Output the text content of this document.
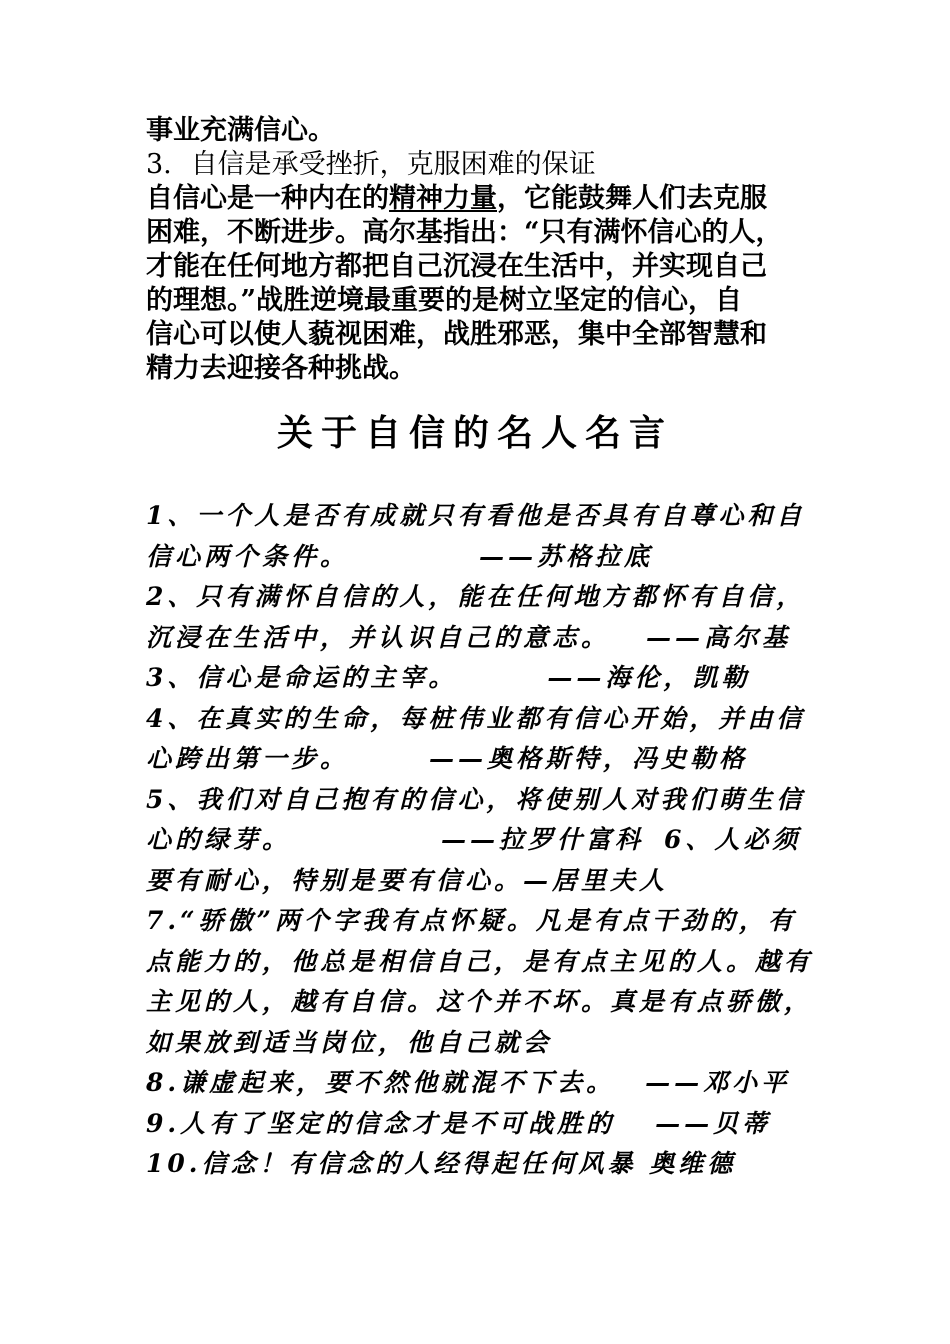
事业充满信心。

3. 自信是承受挫折，克服困难的保证

自信心是一种内在的精神力量，它能鼓舞人们去克服

困难，不断进步。高尔基指出：“只有满怀信心的人，

才能在任何地方都把自己沉浸在生活中，并实现自己

的理想。”战胜逆境最重要的是树立坚定的信心，自

信心可以使人藐视困难，战胜邪恶，集中全部智慧和

精力去迎接各种挑战。

关于自信的名人名言

1、一个人是否有成就只有看他是否具有自尊心和自

信心两个条件。	——苏格拉底

2、只有满怀自信的人，能在任何地方都怀有自信，

沉浸在生活中，并认识自己的意志。 ——高尔基

3、信心是命运的主宰。	——海伦，凯勒

4、在真实的生命，每桩伟业都有信心开始，并由信

心跨出第一步。	——奥格斯特，冯史勒格

5、我们对自己抱有的信心，将使别人对我们萌生信

心的绿芽。	——拉罗什富科 6、人必须

要有耐心，特别是要有信心。—居里夫人

7.“骄傲”两个字我有点怀疑。凡是有点干劲的，有

点能力的，他总是相信自己，是有点主见的人。越有

主见的人，越有自信。这个并不坏。真是有点骄傲，

如果放到适当岗位，他自己就会

8.谦虚起来，要不然他就混不下去。 ——邓小平

9.人有了坚定的信念才是不可战胜的 ——贝蒂

10.信念！有信念的人经得起任何风暴 奥维德
